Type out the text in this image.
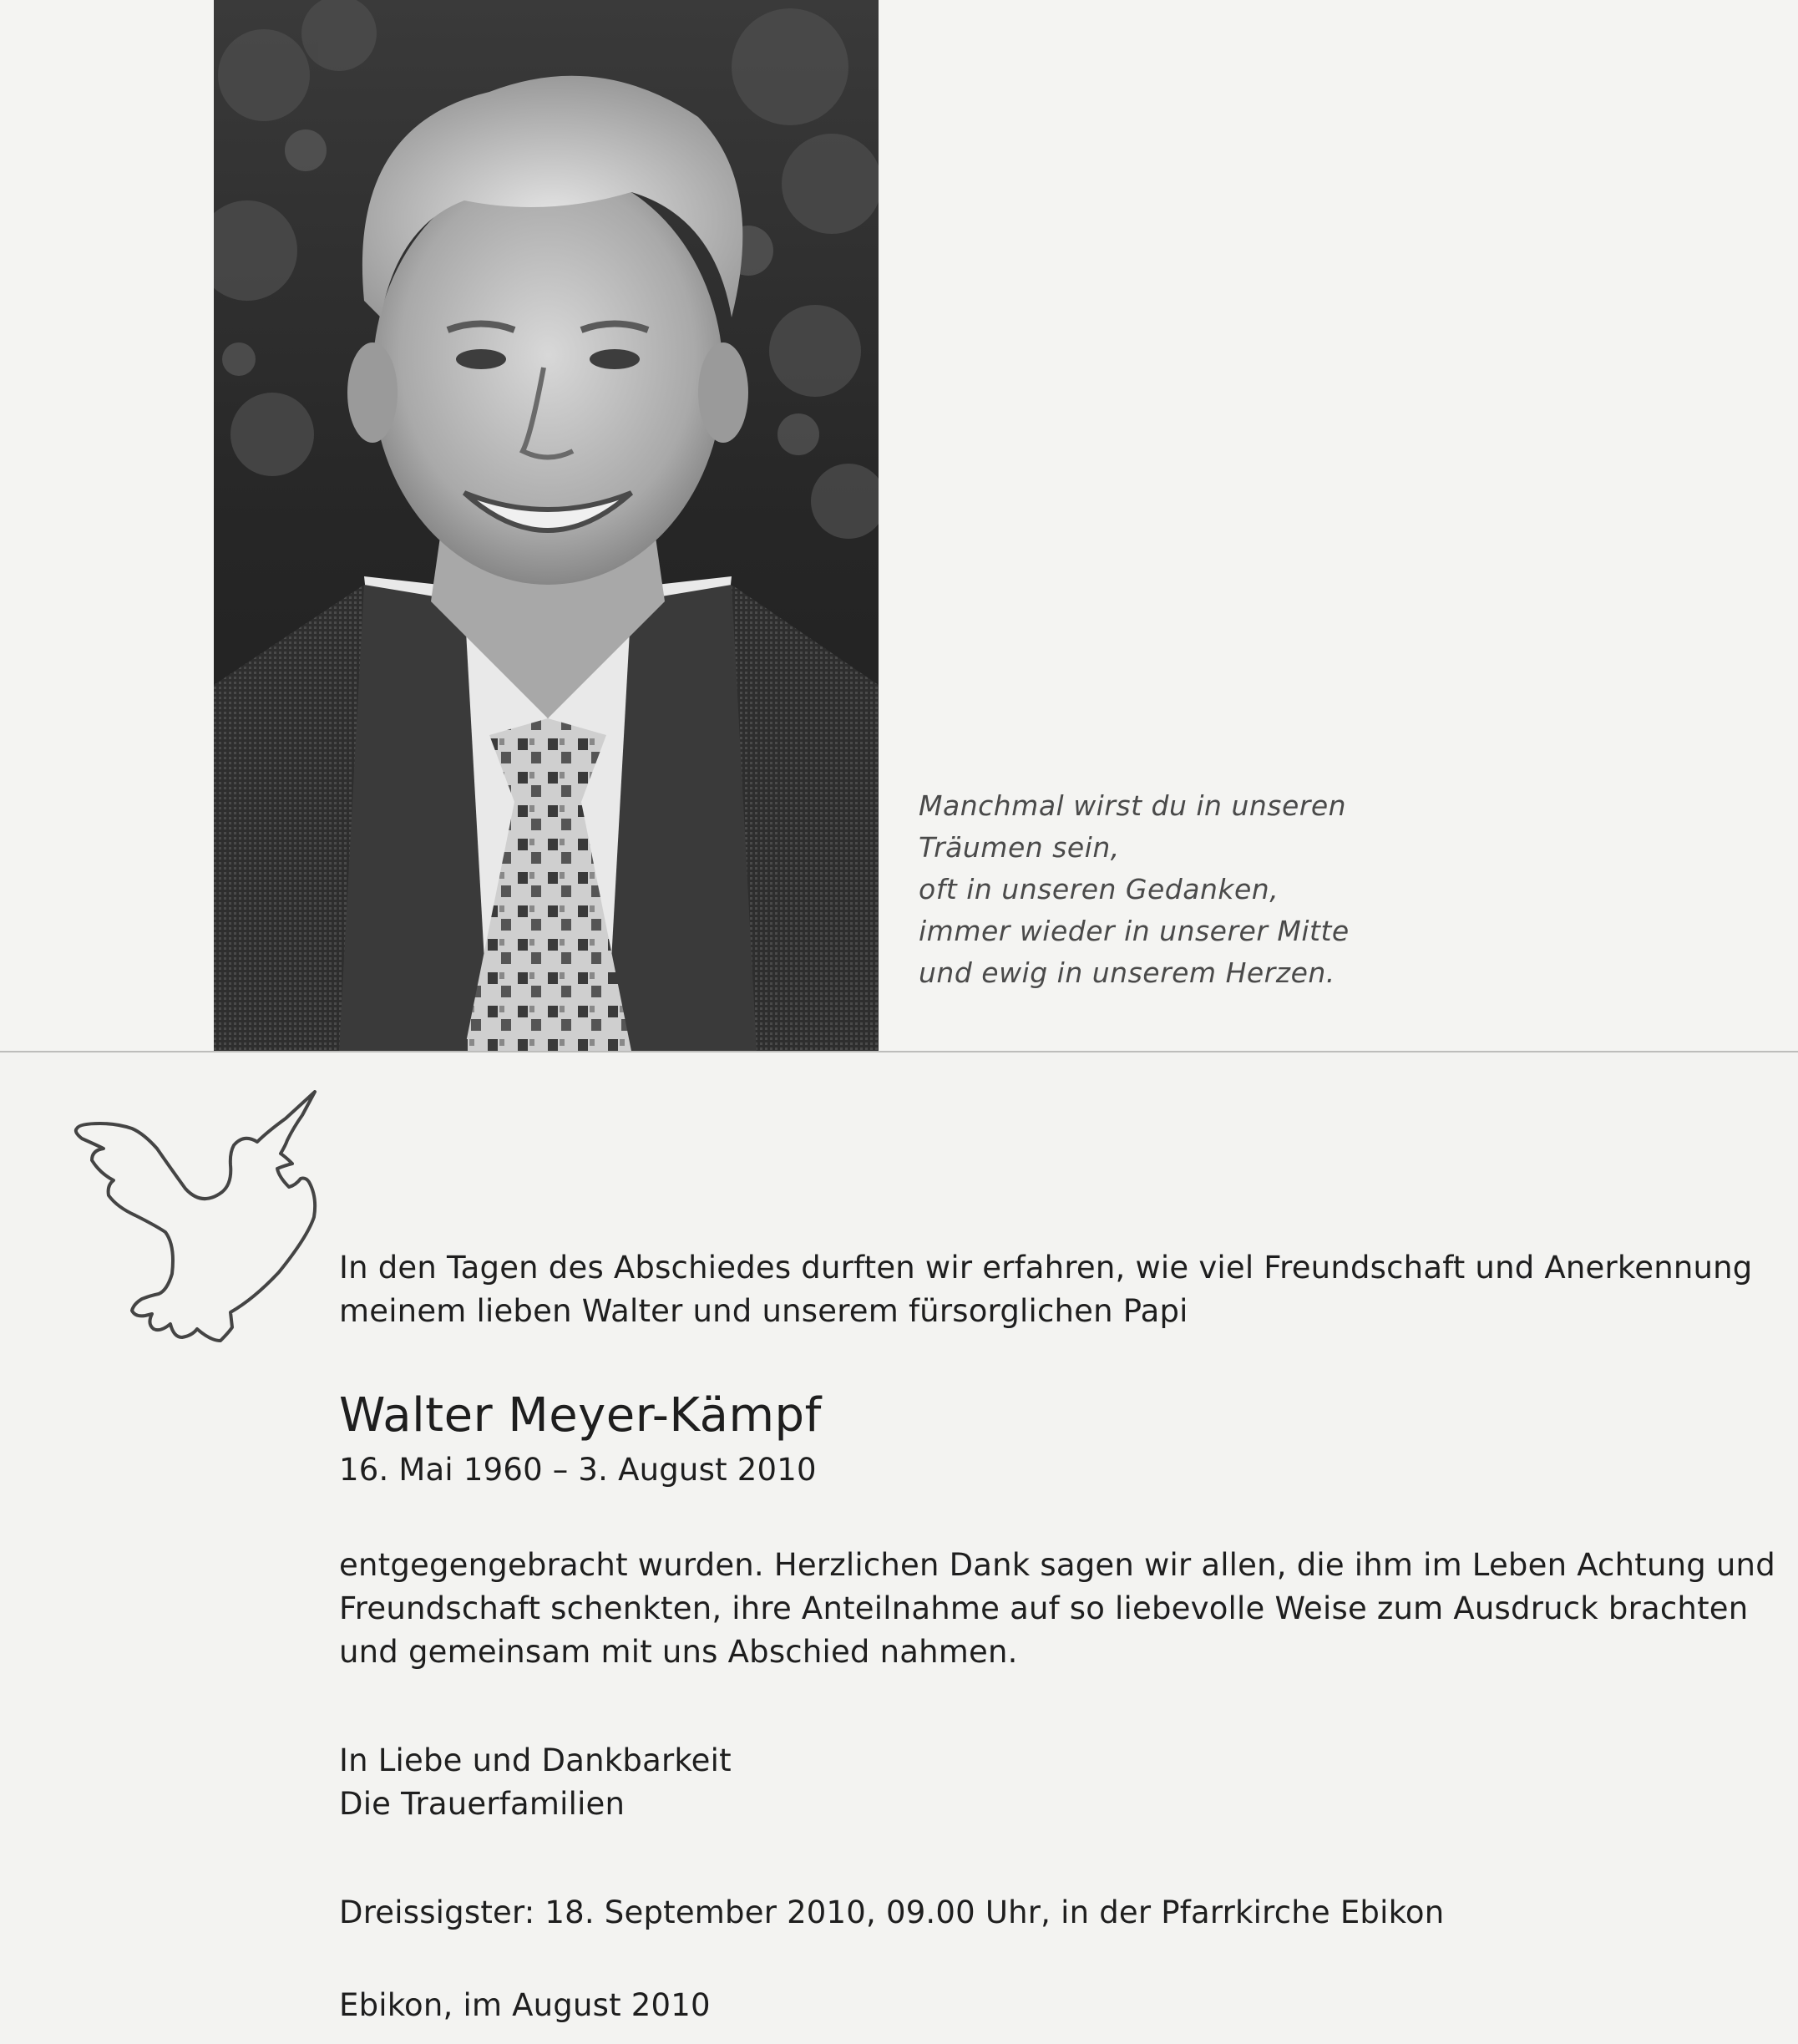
Manchmal wirst du in unseren
Träumen sein,
oft in unseren Gedanken,
immer wieder in unserer Mitte
und ewig in unserem Herzen.
In den Tagen des Abschiedes durften wir erfahren, wie viel Freundschaft und Anerkennung
meinem lieben Walter und unserem fürsorglichen Papi
Walter Meyer-Kämpf
16. Mai 1960 – 3. August 2010
entgegengebracht wurden. Herzlichen Dank sagen wir allen, die ihm im Leben Achtung und
Freundschaft schenkten, ihre Anteilnahme auf so liebevolle Weise zum Ausdruck brachten
und gemeinsam mit uns Abschied nahmen.
In Liebe und Dankbarkeit
Die Trauerfamilien
Dreissigster: 18. September 2010, 09.00 Uhr, in der Pfarrkirche Ebikon
Ebikon, im August 2010
